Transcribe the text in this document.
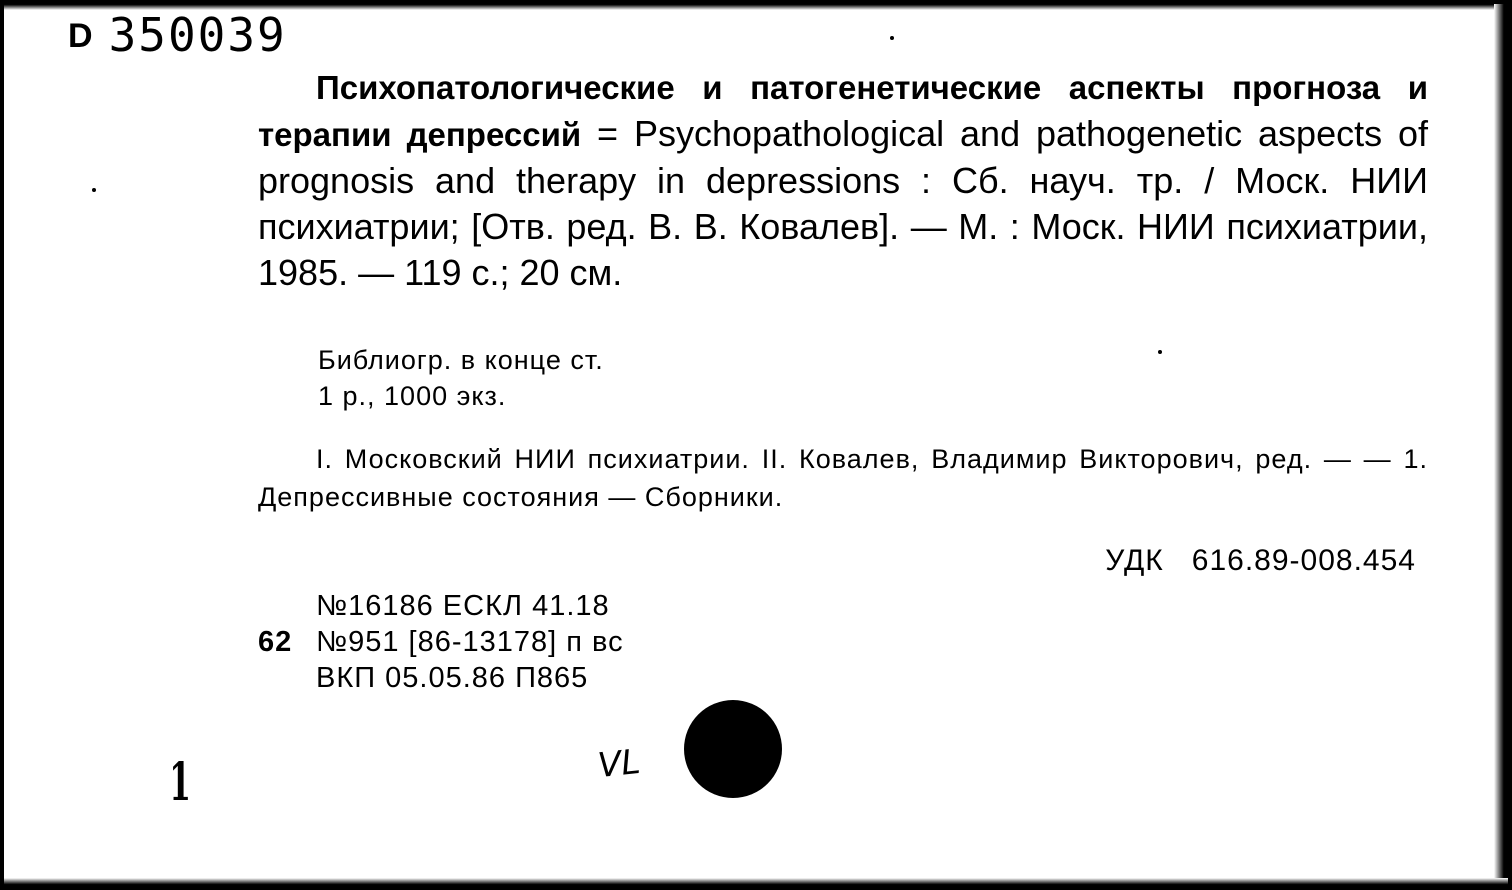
D 350039

Психопатологические и патогенетические аспекты прогноза и терапии депрессий = Psychopathological and pathogenetic aspects of prognosis and therapy in depressions : Сб. науч. тр. / Моск. НИИ психиатрии; [Отв. ред. В. В. Ковалев]. — М. : Моск. НИИ психиатрии, 1985. — 119 с.; 20 см.

Библиогр. в конце ст.
1 р., 1000 экз.

I. Московский НИИ психиатрии. II. Ковалев, Владимир Викторович, ред. — — 1. Депрессивные состояния — Сборники.

УДК 616.89-008.454
№16186 ЕСКЛ 41.18
62 №951 [86-13178] п вс
ВКП 05.05.86 П865
1	VL
